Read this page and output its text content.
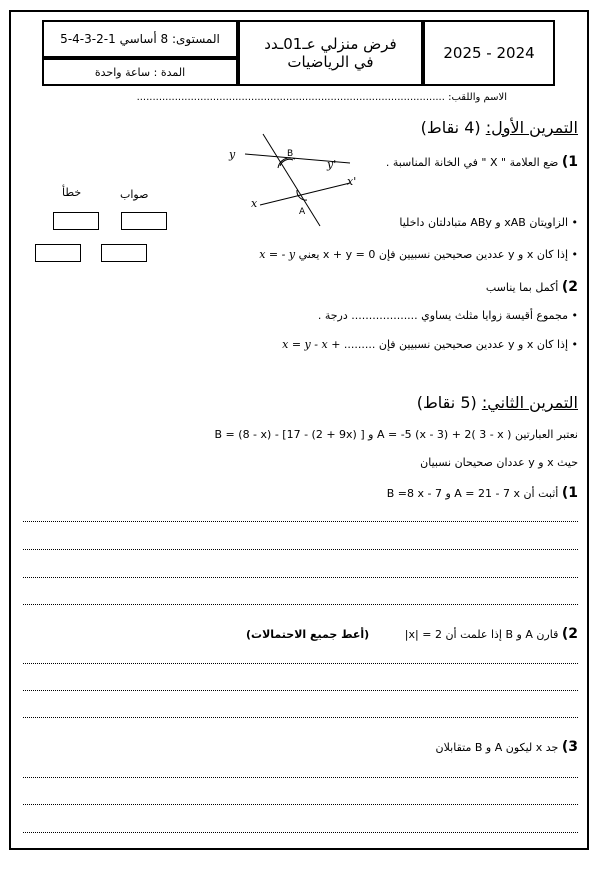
2025 - 2024
فرض منزلي عـ01ـدد
في الرياضيات
المستوى: 8 أساسي 1-2-3-4-5
المدة : ساعة واحدة
الاسم واللقب: .................................................................................................
التمرين الأول: (4 نقاط)
1) ضع العلامة " X " في الخانة المناسبة .
y	B
y'
x'
x
A
صواب
خطأ
• الزاويتان xAB و ABy متبادلتان داخليا
• إذا كان x و y عددين صحيحين نسبيين فإن 0 = x + y يعني x = - y
2) أكمل بما يناسب
• مجموع أقيسة زوايا مثلث يساوي ................... درجة .
• إذا كان x و y عددين صحيحين نسبيين فإن ......... + x = y - x
التمرين الثاني: (5 نقاط)
نعتبر العبارتين A = -5 (x - 3) + 2( 3 - x ) و B = (8 - x) - [17 - (2 + 9x) ]
حيث x و y عددان صحيحان نسبيان
1) أثبت أن A = 21 - 7 x و B =8 x - 7
2) قارن A و B إذا علمت أن 2 = |x|
(أعط جميع الاحتمالات)
3) جد x ليكون A و B متقابلان
